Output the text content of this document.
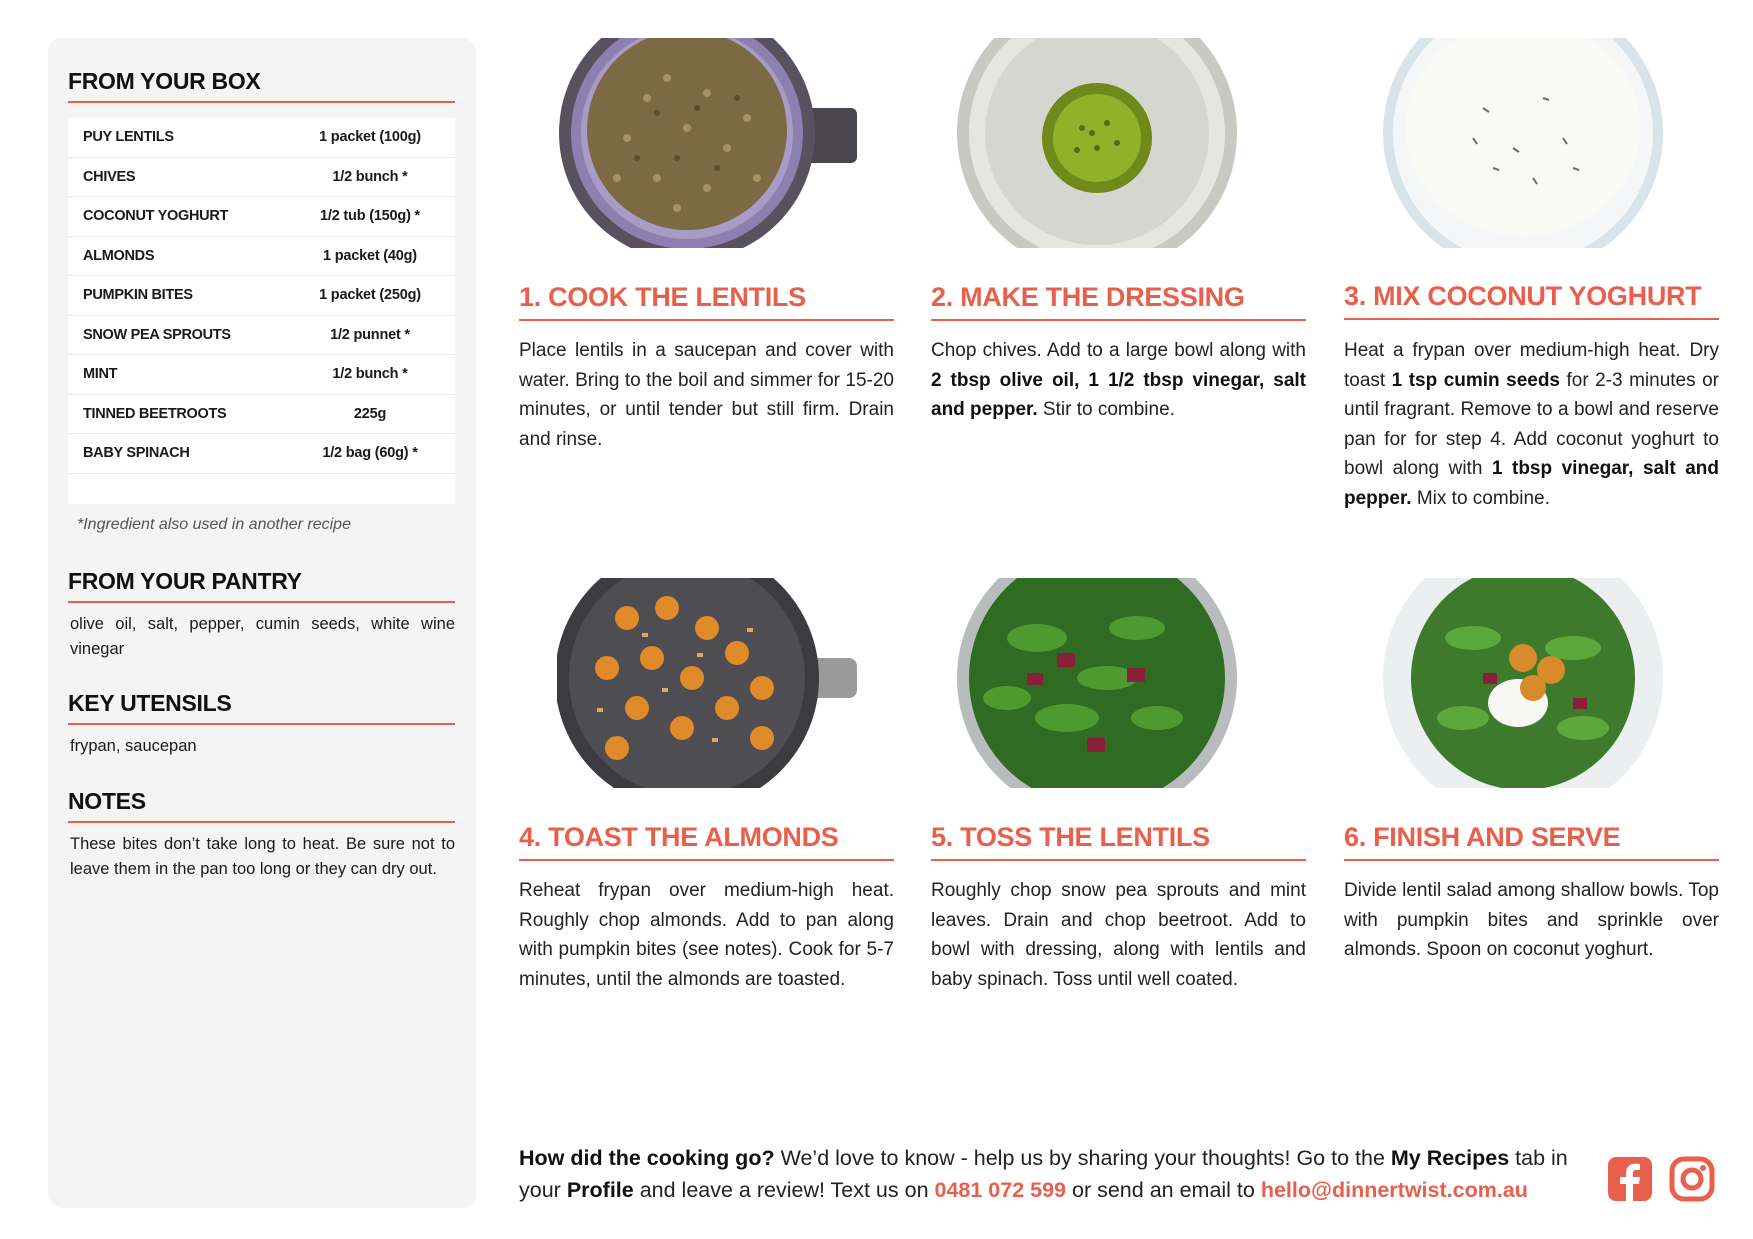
FROM YOUR BOX
PUY LENTILS	1 packet (100g)
CHIVES	1/2 bunch *
COCONUT YOGHURT	1/2 tub (150g) *
ALMONDS	1 packet (40g)
PUMPKIN BITES	1 packet (250g)
SNOW PEA SPROUTS	1/2 punnet *
MINT	1/2 bunch *
TINNED BEETROOTS	225g
BABY SPINACH	1/2 bag (60g) *
*Ingredient also used in another recipe
FROM YOUR PANTRY
olive oil, salt, pepper, cumin seeds, white wine vinegar
KEY UTENSILS
frypan, saucepan
NOTES
These bites don’t take long to heat. Be sure not to leave them in the pan too long or they can dry out.
1. COOK THE LENTILS
Place lentils in a saucepan and cover with water. Bring to the boil and simmer for 15-20 minutes, or until tender but still firm. Drain and rinse.
2. MAKE THE DRESSING
Chop chives. Add to a large bowl along with 2 tbsp olive oil, 1 1/2 tbsp vinegar, salt and pepper. Stir to combine.
3. MIX COCONUT YOGHURT
Heat a frypan over medium-high heat. Dry toast 1 tsp cumin seeds for 2-3 minutes or until fragrant. Remove to a bowl and reserve pan for for step 4. Add coconut yoghurt to bowl along with 1 tbsp vinegar, salt and pepper. Mix to combine.
4. TOAST THE ALMONDS
Reheat frypan over medium-high heat. Roughly chop almonds. Add to pan along with pumpkin bites (see notes). Cook for 5-7 minutes, until the almonds are toasted.
5. TOSS THE LENTILS
Roughly chop snow pea sprouts and mint leaves. Drain and chop beetroot. Add to bowl with dressing, along with lentils and baby spinach. Toss until well coated.
6. FINISH AND SERVE
Divide lentil salad among shallow bowls. Top with pumpkin bites and sprinkle over almonds. Spoon on coconut yoghurt.
How did the cooking go? We’d love to know - help us by sharing your thoughts! Go to the My Recipes tab in your Profile and leave a review! Text us on 0481 072 599 or send an email to hello@dinnertwist.com.au
